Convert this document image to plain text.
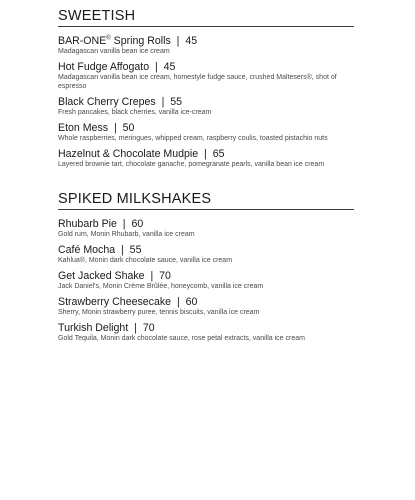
SWEETISH
BAR-ONE® Spring Rolls | 45
Madagascan vanilla bean ice cream
Hot Fudge Affogato | 45
Madagascan vanilla bean ice cream, homestyle fudge sauce, crushed Maltesers®, shot of espresso
Black Cherry Crepes | 55
Fresh pancakes, black cherries, vanilla ice-cream
Eton Mess | 50
Whole raspberries, meringues, whipped cream, raspberry coulis, toasted pistachio nuts
Hazelnut & Chocolate Mudpie | 65
Layered brownie tart, chocolate ganache, pomegranate pearls, vanilla bean ice cream
SPIKED MILKSHAKES
Rhubarb Pie | 60
Gold rum, Monin Rhubarb, vanilla ice cream
Café Mocha | 55
Kahlua®, Monin dark chocolate sauce, vanilla ice cream
Get Jacked Shake | 70
Jack Daniel's, Monin Crème Brûlée, honeycomb, vanilla ice cream
Strawberry Cheesecake | 60
Sherry, Monin strawberry puree, tennis biscuits, vanilla ice cream
Turkish Delight | 70
Gold Tequila, Monin dark chocolate sauce, rose petal extracts, vanilla ice cream
